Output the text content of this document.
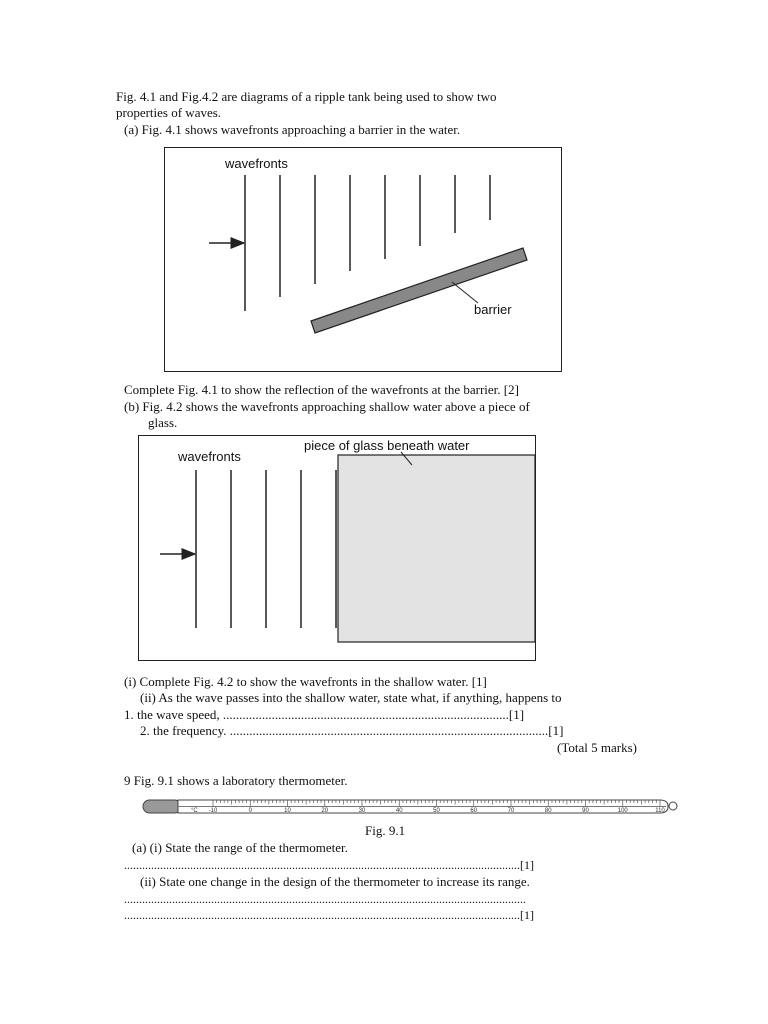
Fig. 4.1 and Fig.4.2 are diagrams of a ripple tank being used to show two
properties of waves.
(a) Fig. 4.1 shows wavefronts approaching a barrier in the water.
wavefronts
barrier
°C -10	0	10	20	30	40	50	60	70	80	90	100	110
wavefronts
piece of glass beneath water
Complete Fig. 4.1 to show the reflection of the wavefronts at the barrier. [2]
(b) Fig. 4.2 shows the wavefronts approaching shallow water above a piece of
glass.
(i) Complete Fig. 4.2 to show the wavefronts in the shallow water. [1]
(ii) As the wave passes into the shallow water, state what, if anything, happens to
1. the wave speed, ........................................................................................[1]
2. the frequency. ..................................................................................................[1]
(Total 5 marks)
9 Fig. 9.1 shows a laboratory thermometer.
Fig. 9.1
(a) (i) State the range of the thermometer.
....................................................................................................................................[1]
(ii) State one change in the design of the thermometer to increase its range.
......................................................................................................................................
....................................................................................................................................[1]
